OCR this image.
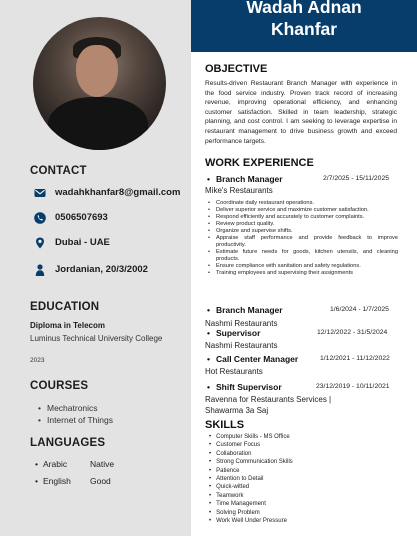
CONTACT
wadahkhanfar8@gmail.com
0506507693
Dubai - UAE
Jordanian, 20/3/2002
EDUCATION
Diploma in Telecom
Luminus Technical University College
2023
COURSES
• Mechatronics
• Internet of Things
LANGUAGES
• Arabic	Native
• English	Good
Wadah Adnan
Khanfar
OBJECTIVE
Results-driven Restaurant Branch Manager with experience in the food service industry. Proven track record of increasing revenue, improving operational efficiency, and enhancing customer satisfaction. Skilled in team leadership, strategic planning, and cost control. I am seeking to leverage expertise in restaurant management to drive business growth and exceed performance targets.
WORK EXPERIENCE
• Branch Manager	2/7/2025 - 15/11/2025
Mike's Restaurants
• Coordinate daily restaurant operations.
• Deliver superior service and maximize customer satisfaction.
• Respond efficiently and accurately to customer complaints.
• Review product quality.
• Organize and supervise shifts.
• Appraise staff performance and provide feedback to improve productivity.
• Estimate future needs for goods, kitchen utensils, and cleaning products.
• Ensure compliance with sanitation and safety regulations.
• Training employees and supervising their assignments
• Branch Manager	1/6/2024 - 1/7/2025
Nashmi Restaurants
• Supervisor	12/12/2022 - 31/5/2024
Nashmi Restaurants
• Call Center Manager	1/12/2021 - 11/12/2022
Hot Restaurants
• Shift Supervisor	23/12/2019 - 10/11/2021
Ravenna for Restaurants Services |
Shawarma 3a Saj
SKILLS
• Computer Skills - MS Office
• Customer Focus
• Collaboration
• Strong Communication Skills
• Patience
• Attention to Detail
• Quick-witted
• Teamwork
• Time Management
• Solving Problem
• Work Well Under Pressure
